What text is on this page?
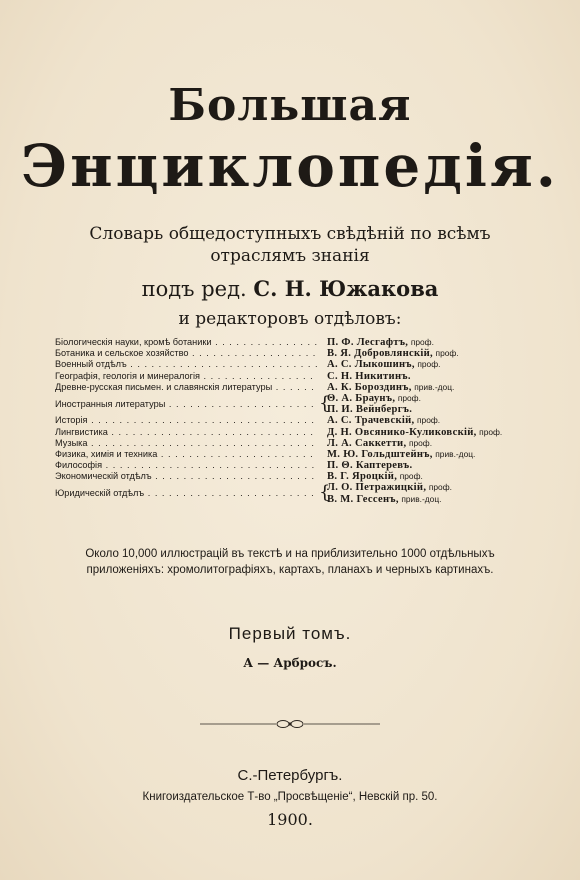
Большая
Энциклопедія.
Словарь общедоступныхъ свѣдѣній по всѣмъ
отраслямъ знанія
подъ ред. С. Н. Южакова
и редакторовъ отдѣловъ:
Біологическія науки, кромѣ ботаники . . .	П. Ф. Лесгафтъ, проф.
Ботаника и сельское хозяйство . . .	В. Я. Добровлянскій, проф.
Военный отдѣлъ . . .	А. С. Лыкошинъ, проф.
Географія, геологія и минералогія . . .	С. Н. Никитинъ.
Древне-русская письмен. и славянскія литературы . . .	А. К. Бороздинъ, прив.-доц.
Иностранныя литературы . . .	Θ. А. Браунъ, проф.
{
П. И. Вейнбергъ.
Исторія . . .	А. С. Трачевскій, проф.
Лингвистика . . .	Д. Н. Овсянико-Куликовскій, проф.
Музыка . . .	Л. А. Саккетти, проф.
Физика, химія и техника . . .	М. Ю. Гольдштейнъ, прив.-доц.
Философія . . .	П. Θ. Каптеревъ.
Экономическій отдѣлъ . . .	В. Г. Яроцкій, проф.
Юридическій отдѣлъ . . .	Л. О. Петражицкій, проф.
{
В. М. Гессенъ, прив.-доц.
Около 10,000 иллюстрацій въ текстѣ и на приблизительно 1000 отдѣльныхъ
приложеніяхъ: хромолитографіяхъ, картахъ, планахъ и черныхъ картинахъ.
Первый томъ.
А — Арбросъ.
С.-Петербургъ.
Книгоиздательское Т-во „Просвѣщеніе“, Невскій пр. 50.
1900.
